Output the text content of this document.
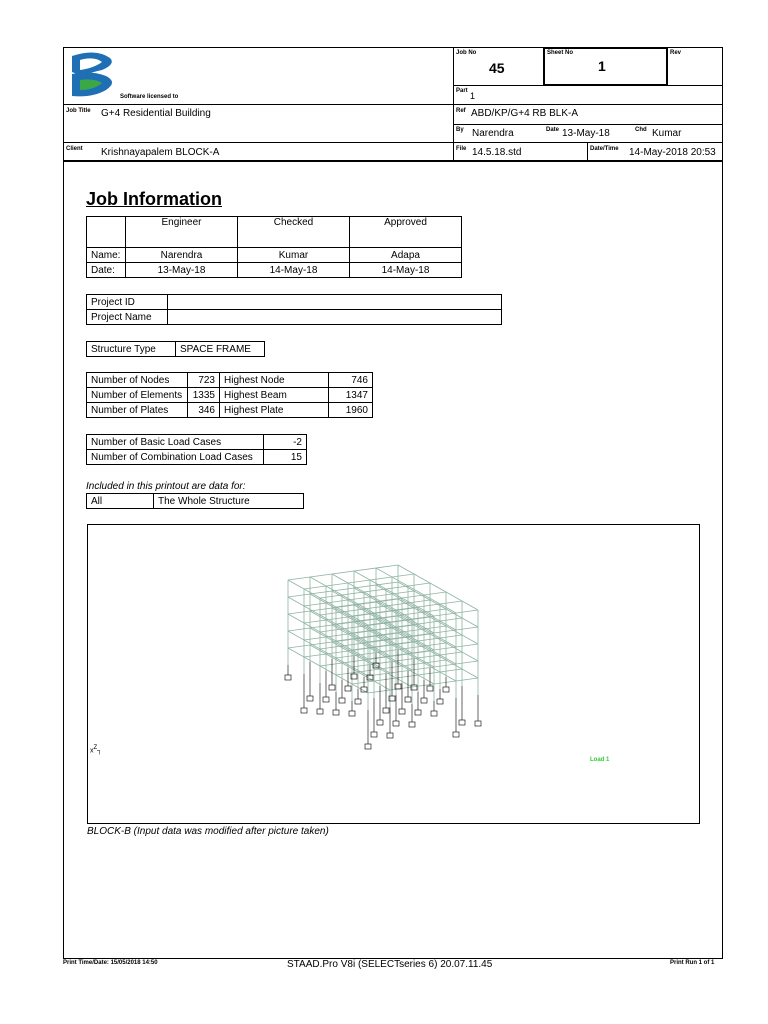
Software licensed to
Job No
45
Sheet No
1
Rev
Part 1
Job Title G+4 Residential Building	Ref ABD/KP/G+4 RB BLK-A
By Narendra	Date 13-May-18	Chd Kumar
Client Krishnayapalem BLOCK-A	File 14.5.18.std	Date/Time 14-May-2018 20:53
Job Information
	Engineer	Checked	Approved
Name:	Narendra	Kumar	Adapa
Date:	13-May-18	14-May-18	14-May-18
Project ID	
Project Name	
Structure Type	SPACE FRAME
Number of Nodes	723	Highest Node	746
Number of Elements	1335	Highest Beam	1347
Number of Plates	346	Highest Plate	1960
Number of Basic Load Cases	-2
Number of Combination Load Cases	15
Included in this printout are data for:
All	The Whole Structure
xZ┐
Load 1
BLOCK-B (Input data was modified after picture taken)
Print Time/Date: 15/05/2018 14:50	STAAD.Pro V8i (SELECTseries 6) 20.07.11.45	Print Run 1 of 1
